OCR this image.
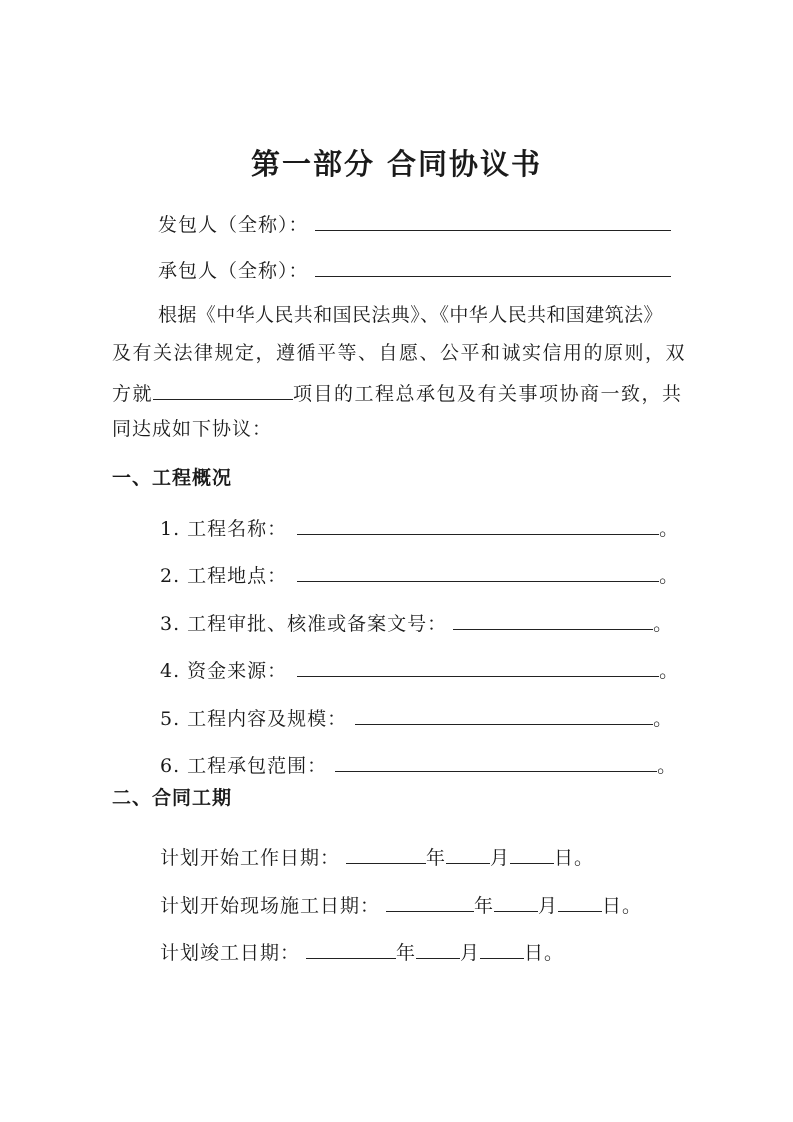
第一部分 合同协议书
发包人（全称）：
承包人（全称）：
根据《中华人民共和国民法典》、《中华人民共和国建筑法》
及有关法律规定，遵循平等、自愿、公平和诚实信用的原则，双
方就	项目的工程总承包及有关事项协商一致，共
同达成如下协议：
一、工程概况
1. 工程名称：	。
2. 工程地点：	。
3. 工程审批、核准或备案文号：	。
4. 资金来源：	。
5. 工程内容及规模：	。
6. 工程承包范围：	。
二、合同工期
计划开始工作日期：	年 月 日。
计划开始现场施工日期：	年 月 日。
计划竣工日期：	年 月 日。
